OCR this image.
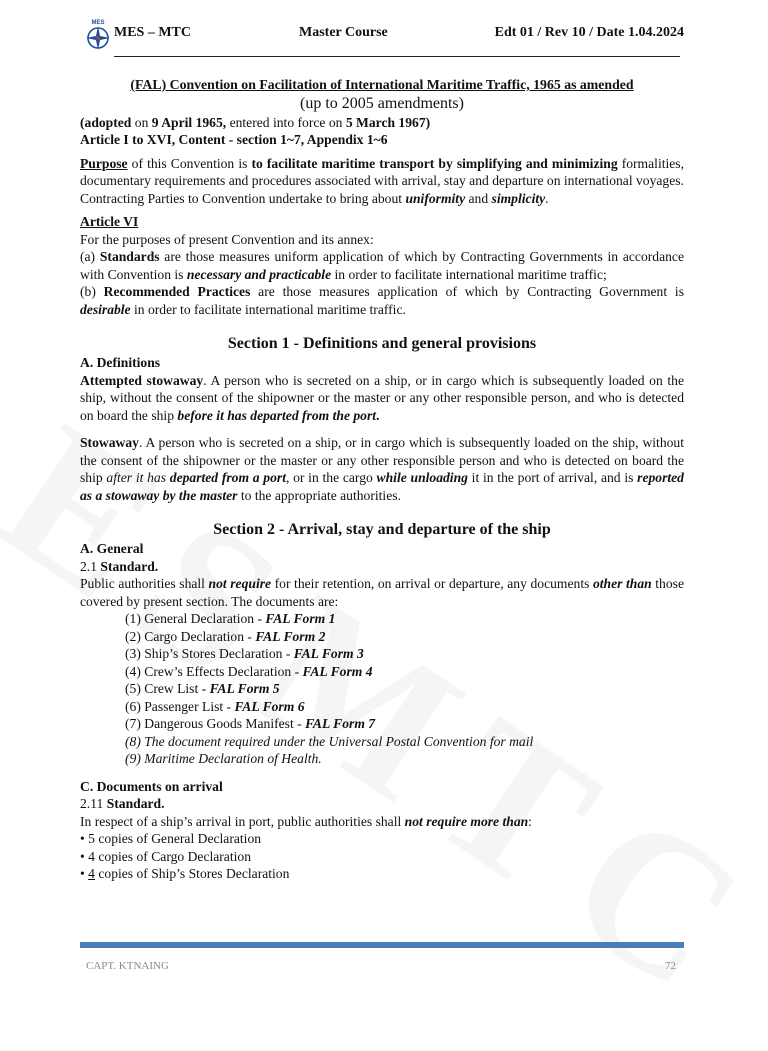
MES
MES – MTC	Master Course	Edt 01 / Rev 10 / Date 1.04.2024

(FAL) Convention on Facilitation of International Maritime Traffic, 1965 as amended

(up to 2005 amendments)

(adopted on 9 April 1965, entered into force on 5 March 1967)

Article I to XVI, Content - section 1~7, Appendix 1~6

Purpose of this Convention is to facilitate maritime transport by simplifying and minimizing formalities, documentary requirements and procedures associated with arrival, stay and departure on international voyages.

Contracting Parties to Convention undertake to bring about uniformity and simplicity.

Article VI

For the purposes of present Convention and its annex:

(a) Standards are those measures uniform application of which by Contracting Governments in accordance with Convention is necessary and practicable in order to facilitate international maritime traffic;

(b) Recommended Practices are those measures application of which by Contracting Government is desirable in order to facilitate international maritime traffic.

Section 1 - Definitions and general provisions

A. Definitions

Attempted stowaway. A person who is secreted on a ship, or in cargo which is subsequently loaded on the ship, without the consent of the shipowner or the master or any other responsible person, and who is detected on board the ship before it has departed from the port.

Stowaway. A person who is secreted on a ship, or in cargo which is subsequently loaded on the ship, without the consent of the shipowner or the master or any other responsible person and who is detected on board the ship after it has departed from a port, or in the cargo while unloading it in the port of arrival, and is reported as a stowaway by the master to the appropriate authorities.

Section 2 - Arrival, stay and departure of the ship

A. General

2.1 Standard.

Public authorities shall not require for their retention, on arrival or departure, any documents other than those covered by present section. The documents are:

(1) General Declaration - FAL Form 1

(2) Cargo Declaration - FAL Form 2

(3) Ship’s Stores Declaration - FAL Form 3

(4) Crew’s Effects Declaration - FAL Form 4

(5) Crew List - FAL Form 5

(6) Passenger List - FAL Form 6

(7) Dangerous Goods Manifest - FAL Form 7

(8) The document required under the Universal Postal Convention for mail

(9) Maritime Declaration of Health.

C. Documents on arrival

2.11 Standard.

In respect of a ship’s arrival in port, public authorities shall not require more than:

• 5 copies of General Declaration

• 4 copies of Cargo Declaration

• 4 copies of Ship’s Stores Declaration

CAPT. KTNAING	72
